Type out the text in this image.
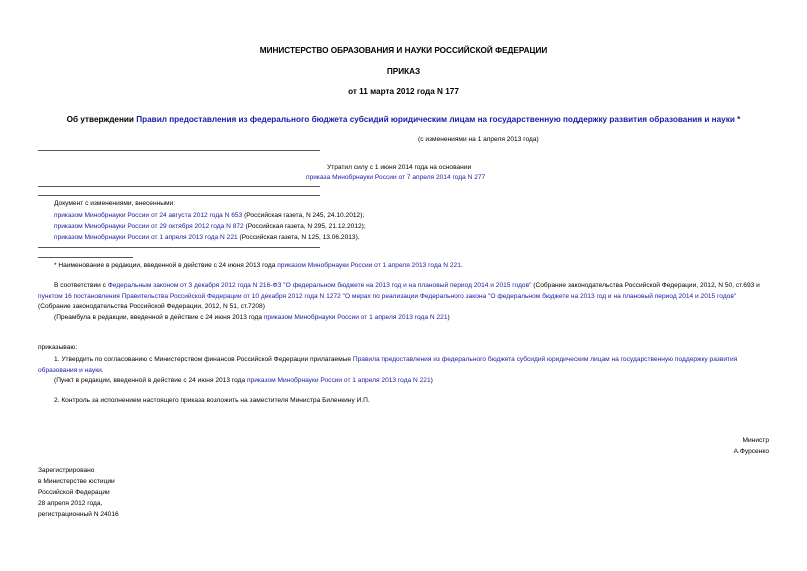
МИНИСТЕРСТВО ОБРАЗОВАНИЯ И НАУКИ РОССИЙСКОЙ ФЕДЕРАЦИИ
ПРИКАЗ
от 11 марта 2012 года N 177
Об утверждении Правил предоставления из федерального бюджета субсидий юридическим лицам на государственную поддержку развития образования и науки *
(с изменениями на 1 апреля 2013 года)
Утратил силу с 1 июня 2014 года на основании
приказа Минобрнауки России от 7 апреля 2014 года N 277
Документ с изменениями, внесенными:
приказом Минобрнауки России от 24 августа 2012 года N 653 (Российская газета, N 245, 24.10.2012);
приказом Минобрнауки России от 29 октября 2012 года N 872 (Российская газета, N 295, 21.12.2012);
приказом Минобрнауки России от 1 апреля 2013 года N 221 (Российская газета, N 125, 13.06.2013).
* Наименование в редакции, введенной в действие с 24 июня 2013 года приказом Минобрнауки России от 1 апреля 2013 года N 221.
В соответствии с Федеральным законом от 3 декабря 2012 года N 216-ФЗ "О федеральном бюджете на 2013 год и на плановый период 2014 и 2015 годов" (Собрание законодательства Российской Федерации, 2012, N 50, ст.693 и пунктом 16 постановления Правительства Российской Федерации от 10 декабря 2012 года N 1272 "О мерах по реализации Федерального закона "О федеральном бюджете на 2013 год и на плановый период 2014 и 2015 годов" (Собрание законодательства Российской Федерации, 2012, N 51, ст.7208)
(Преамбула в редакции, введенной в действие с 24 июня 2013 года приказом Минобрнауки России от 1 апреля 2013 года N 221)
приказываю:
1. Утвердить по согласованию с Министерством финансов Российской Федерации прилагаемые Правила предоставления из федерального бюджета субсидий юридическим лицам на государственную поддержку развития образования и науки.
(Пункт в редакции, введенной в действие с 24 июня 2013 года приказом Минобрнауки России от 1 апреля 2013 года N 221)
2. Контроль за исполнением настоящего приказа возложить на заместителя Министра Биленкину И.П.
Министр
А.Фурсенко
Зарегистрировано
в Министерстве юстиции
Российской Федерации
28 апреля 2012 года,
регистрационный N 24016
